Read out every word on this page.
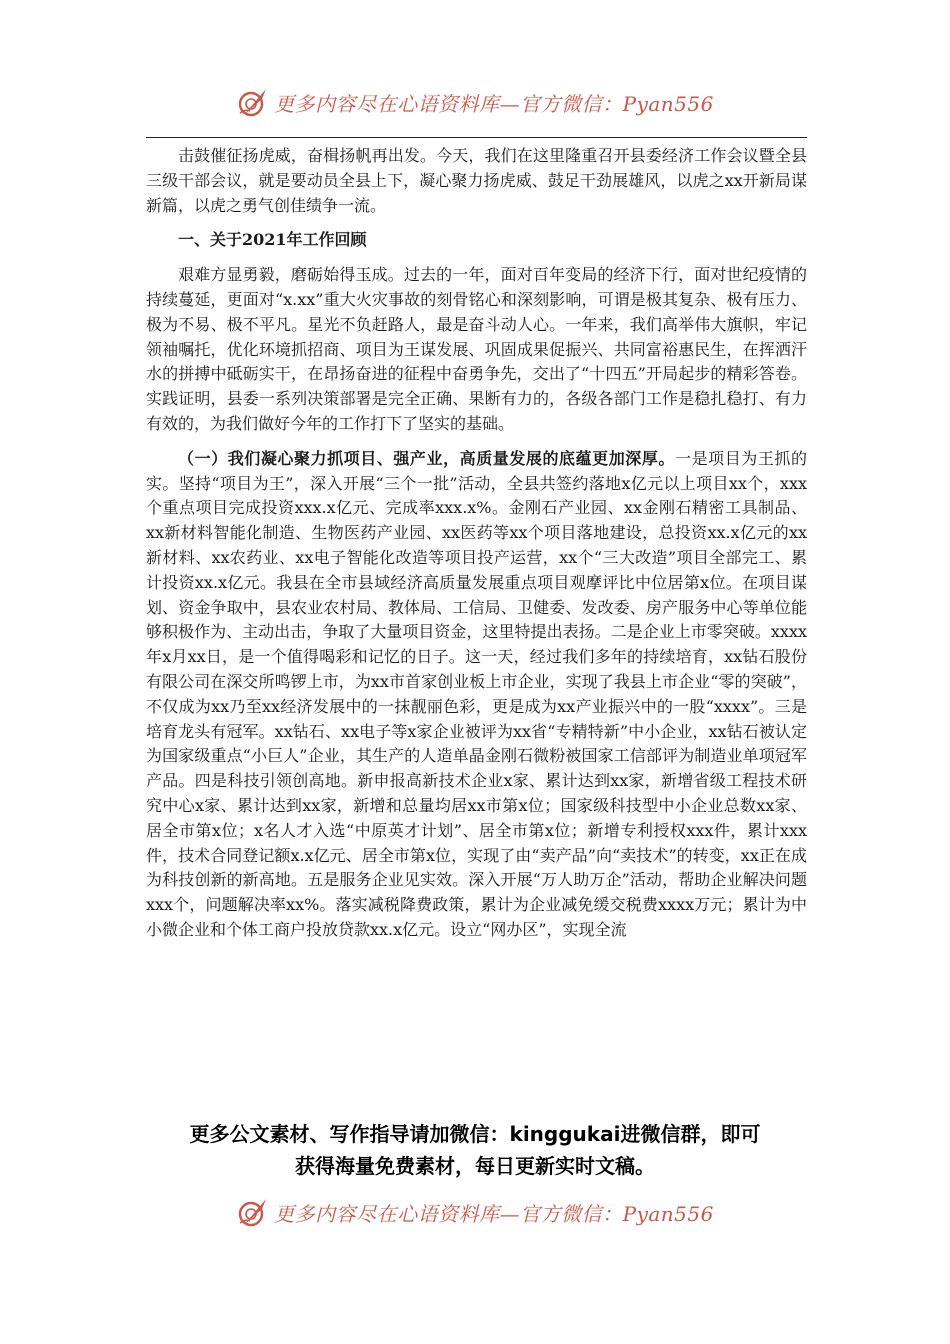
更多内容尽在心语资料库—官方微信：Pyan556

击鼓催征扬虎威，奋楫扬帆再出发。今天，我们在这里隆重召开县委经济工作会议暨全县三级干部会议，就是要动员全县上下，凝心聚力扬虎威、鼓足干劲展雄风，以虎之xx开新局谋新篇，以虎之勇气创佳绩争一流。

一、关于2021年工作回顾

艰难方显勇毅，磨砺始得玉成。过去的一年，面对百年变局的经济下行，面对世纪疫情的持续蔓延，更面对“x.xx”重大火灾事故的刻骨铭心和深刻影响，可谓是极其复杂、极有压力、极为不易、极不平凡。星光不负赶路人，最是奋斗动人心。一年来，我们高举伟大旗帜，牢记领袖嘱托，优化环境抓招商、项目为王谋发展、巩固成果促振兴、共同富裕惠民生，在挥洒汗水的拼搏中砥砺实干，在昂扬奋进的征程中奋勇争先，交出了“十四五”开局起步的精彩答卷。实践证明，县委一系列决策部署是完全正确、果断有力的，各级各部门工作是稳扎稳打、有力有效的，为我们做好今年的工作打下了坚实的基础。

（一）我们凝心聚力抓项目、强产业，高质量发展的底蕴更加深厚。一是项目为王抓的实。坚持“项目为王”，深入开展“三个一批”活动，全县共签约落地x亿元以上项目xx个，xxx个重点项目完成投资xxx.x亿元、完成率xxx.x%。金刚石产业园、xx金刚石精密工具制品、xx新材料智能化制造、生物医药产业园、xx医药等xx个项目落地建设，总投资xx.x亿元的xx新材料、xx农药业、xx电子智能化改造等项目投产运营，xx个“三大改造”项目全部完工、累计投资xx.x亿元。我县在全市县域经济高质量发展重点项目观摩评比中位居第x位。在项目谋划、资金争取中，县农业农村局、教体局、工信局、卫健委、发改委、房产服务中心等单位能够积极作为、主动出击，争取了大量项目资金，这里特提出表扬。二是企业上市零突破。xxxx年x月xx日，是一个值得喝彩和记忆的日子。这一天，经过我们多年的持续培育，xx钻石股份有限公司在深交所鸣锣上市，为xx市首家创业板上市企业，实现了我县上市企业“零的突破”，不仅成为xx乃至xx经济发展中的一抹靓丽色彩，更是成为xx产业振兴中的一股“xxxx”。三是培育龙头有冠军。xx钻石、xx电子等x家企业被评为xx省“专精特新”中小企业，xx钻石被认定为国家级重点“小巨人”企业，其生产的人造单晶金刚石微粉被国家工信部评为制造业单项冠军产品。四是科技引领创高地。新申报高新技术企业x家、累计达到xx家，新增省级工程技术研究中心x家、累计达到xx家，新增和总量均居xx市第x位；国家级科技型中小企业总数xx家、居全市第x位；x名人才入选“中原英才计划”、居全市第x位；新增专利授权xxx件，累计xxx件，技术合同登记额x.x亿元、居全市第x位，实现了由“卖产品”向“卖技术”的转变，xx正在成为科技创新的新高地。五是服务企业见实效。深入开展“万人助万企”活动，帮助企业解决问题xxx个，问题解决率xx%。落实减税降费政策，累计为企业减免缓交税费xxxx万元；累计为中小微企业和个体工商户投放贷款xx.x亿元。设立“网办区”，实现全流

更多公文素材、写作指导请加微信：kinggukai进微信群，即可
获得海量免费素材，每日更新实时文稿。
更多内容尽在心语资料库—官方微信：Pyan556
